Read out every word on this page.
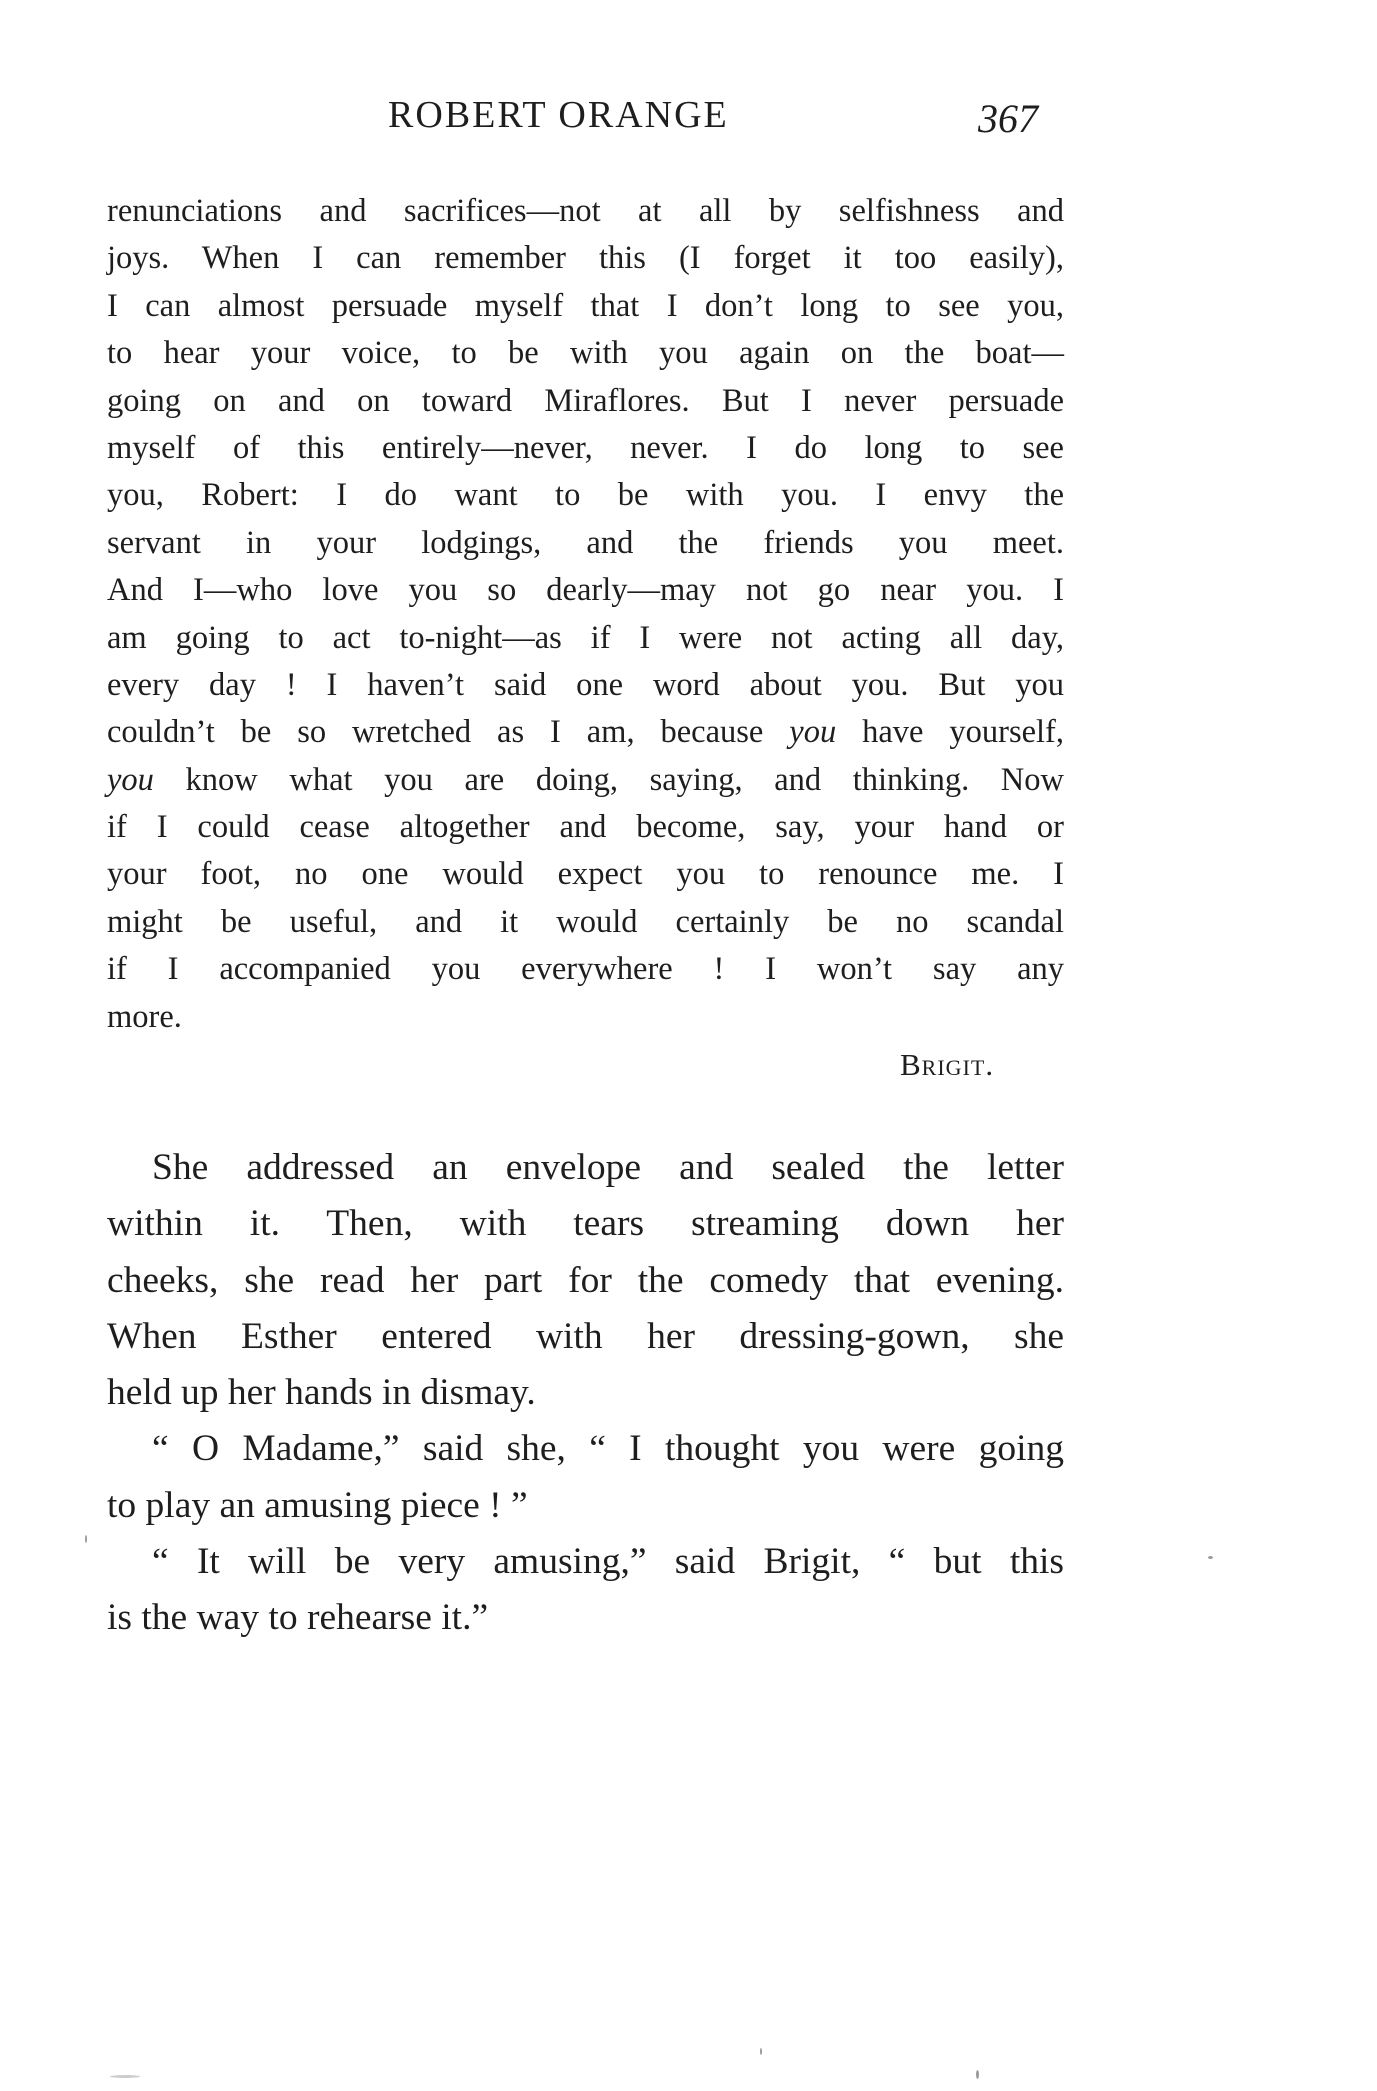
ROBERT ORANGE	367
renunciations and sacrifices—not at all by selfishness and
joys. When I can remember this (I forget it too easily),
I can almost persuade myself that I don’t long to see you,
to hear your voice, to be with you again on the boat—
going on and on toward Miraflores. But I never persuade
myself of this entirely—never, never. I do long to see
you, Robert: I do want to be with you. I envy the
servant in your lodgings, and the friends you meet.
And I—who love you so dearly—may not go near you. I
am going to act to-night—as if I were not acting all day,
every day ! I haven’t said one word about you. But you
couldn’t be so wretched as I am, because you have yourself,
you know what you are doing, saying, and thinking. Now
if I could cease altogether and become, say, your hand or
your foot, no one would expect you to renounce me. I
might be useful, and it would certainly be no scandal
if I accompanied you everywhere ! I won’t say any
more.
Brigit.
She addressed an envelope and sealed the letter
within it. Then, with tears streaming down her
cheeks, she read her part for the comedy that evening.
When Esther entered with her dressing-gown, she
held up her hands in dismay.
“ O Madame,” said she, “ I thought you were going
to play an amusing piece ! ”
“ It will be very amusing,” said Brigit, “ but this
is the way to rehearse it.”
